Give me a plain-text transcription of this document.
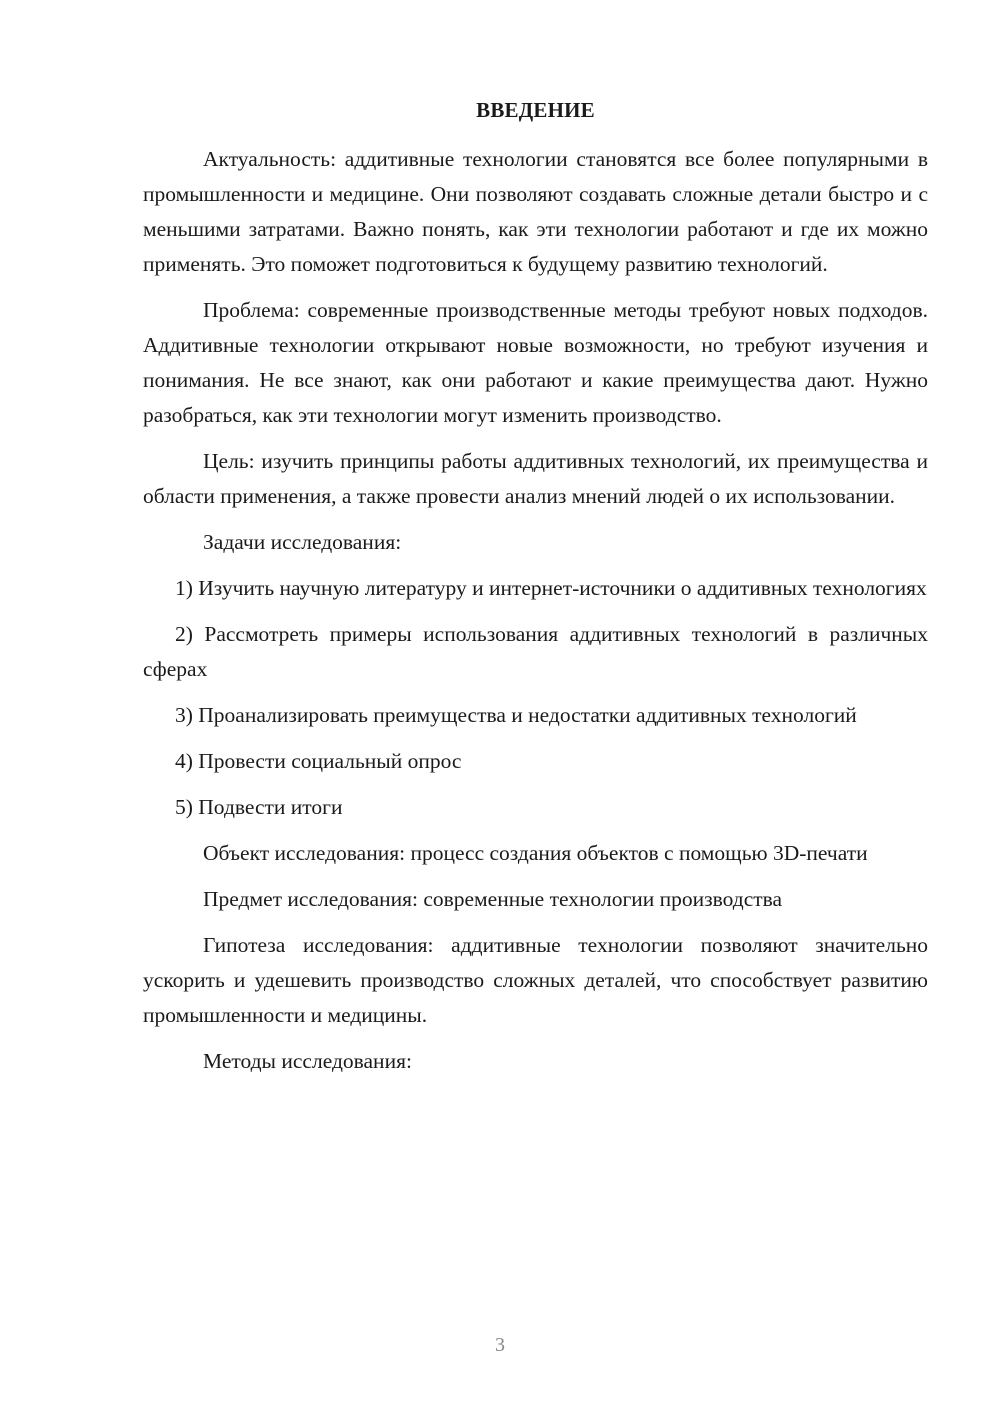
ВВЕДЕНИЕ

Актуальность: аддитивные технологии становятся все более популярными в промышленности и медицине. Они позволяют создавать сложные детали быстро и с меньшими затратами. Важно понять, как эти технологии работают и где их можно применять. Это поможет подготовиться к будущему развитию технологий.

Проблема: современные производственные методы требуют новых подходов. Аддитивные технологии открывают новые возможности, но требуют изучения и понимания. Не все знают, как они работают и какие преимущества дают. Нужно разобраться, как эти технологии могут изменить производство.

Цель: изучить принципы работы аддитивных технологий, их преимущества и области применения, а также провести анализ мнений людей о их использовании.

Задачи исследования:

1) Изучить научную литературу и интернет-источники о аддитивных технологиях

2) Рассмотреть примеры использования аддитивных технологий в различных сферах

3) Проанализировать преимущества и недостатки аддитивных технологий

4) Провести социальный опрос

5) Подвести итоги

Объект исследования: процесс создания объектов с помощью 3D-печати

Предмет исследования: современные технологии производства

Гипотеза исследования: аддитивные технологии позволяют значительно ускорить и удешевить производство сложных деталей, что способствует развитию промышленности и медицины.

Методы исследования:

3
